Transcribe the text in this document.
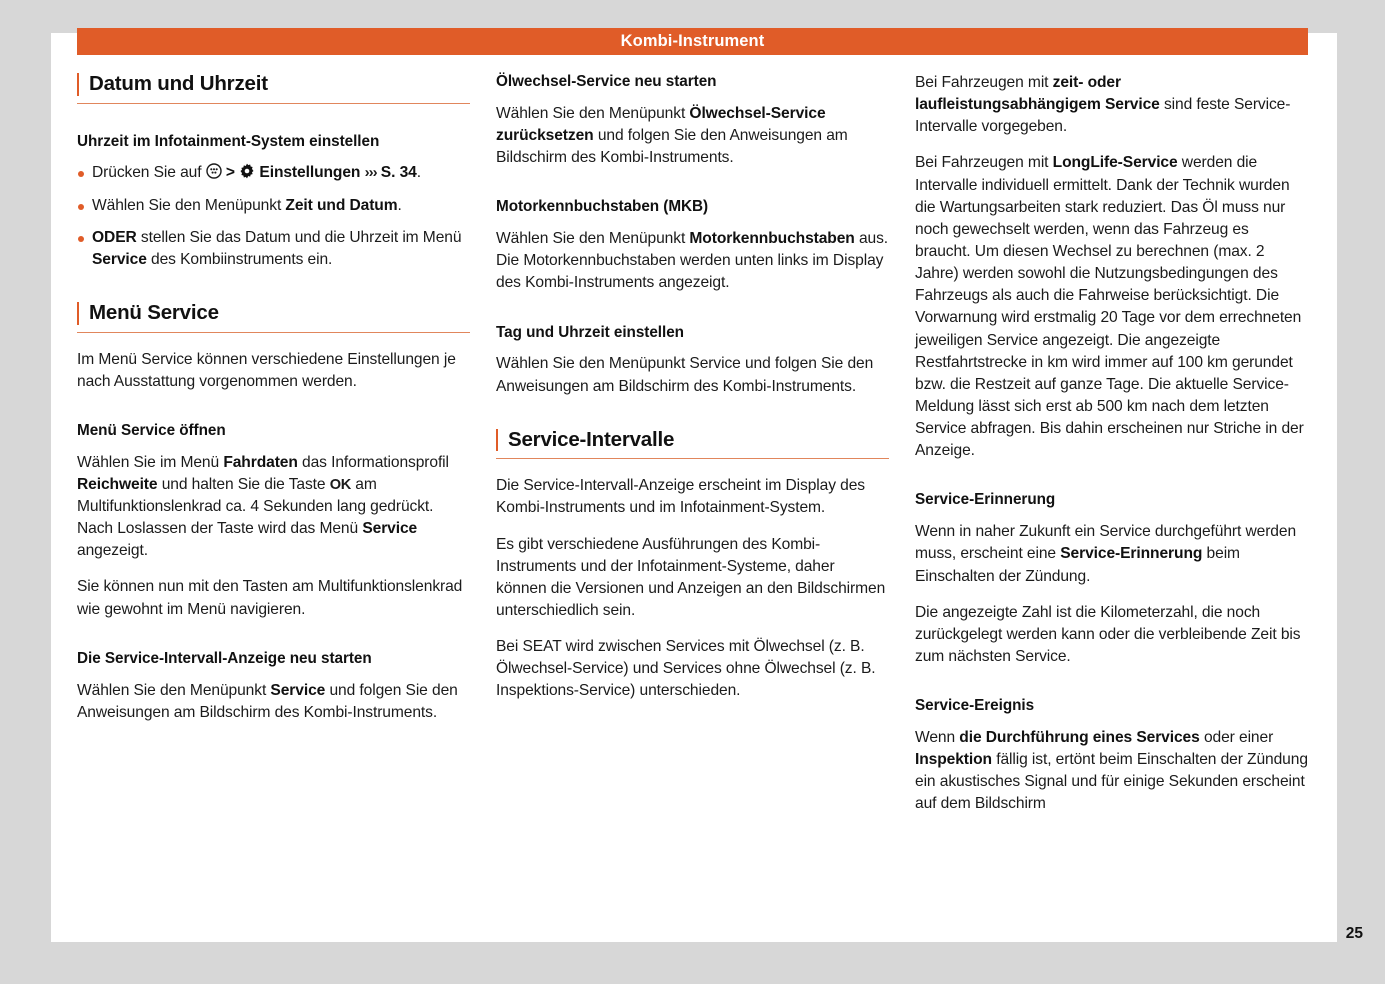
Kombi-Instrument
Datum und Uhrzeit
Uhrzeit im Infotainment-System einstellen
Drücken Sie auf
>
Einstellungen ››› S. 34.
Wählen Sie den Menüpunkt Zeit und Datum.
ODER stellen Sie das Datum und die Uhrzeit im Menü Service des Kombiinstruments ein.
Menü Service

Im Menü Service können verschiedene Einstellungen je nach Ausstattung vorgenommen werden.

Menü Service öffnen

Wählen Sie im Menü Fahrdaten das Informationsprofil Reichweite und halten Sie die Taste OK am Multifunktionslenkrad ca. 4 Sekunden lang gedrückt. Nach Loslassen der Taste wird das Menü Service angezeigt.

Sie können nun mit den Tasten am Multifunktionslenkrad wie gewohnt im Menü navigieren.

Die Service-Intervall-Anzeige neu starten

Wählen Sie den Menüpunkt Service und folgen Sie den Anweisungen am Bildschirm des Kombi-Instruments.

Ölwechsel-Service neu starten

Wählen Sie den Menüpunkt Ölwechsel-Service zurücksetzen und folgen Sie den Anweisungen am Bildschirm des Kombi-Instruments.

Motorkennbuchstaben (MKB)

Wählen Sie den Menüpunkt Motorkennbuchstaben aus. Die Motorkennbuchstaben werden unten links im Display des Kombi-Instruments angezeigt.

Tag und Uhrzeit einstellen

Wählen Sie den Menüpunkt Service und folgen Sie den Anweisungen am Bildschirm des Kombi-Instruments.

Service-Intervalle

Die Service-Intervall-Anzeige erscheint im Display des Kombi-Instruments und im Infotainment-System.

Es gibt verschiedene Ausführungen des Kombi-Instruments und der Infotainment-Systeme, daher können die Versionen und Anzeigen an den Bildschirmen unterschiedlich sein.

Bei SEAT wird zwischen Services mit Ölwechsel (z. B. Ölwechsel-Service) und Services ohne Ölwechsel (z. B. Inspektions-Service) unterschieden.

Bei Fahrzeugen mit zeit- oder laufleistungsabhängigem Service sind feste Service-Intervalle vorgegeben.

Bei Fahrzeugen mit LongLife-Service werden die Intervalle individuell ermittelt. Dank der Technik wurden die Wartungsarbeiten stark reduziert. Das Öl muss nur noch gewechselt werden, wenn das Fahrzeug es braucht. Um diesen Wechsel zu berechnen (max. 2 Jahre) werden sowohl die Nutzungsbedingungen des Fahrzeugs als auch die Fahrweise berücksichtigt. Die Vorwarnung wird erstmalig 20 Tage vor dem errechneten jeweiligen Service angezeigt. Die angezeigte Restfahrtstrecke in km wird immer auf 100 km gerundet bzw. die Restzeit auf ganze Tage. Die aktuelle Service-Meldung lässt sich erst ab 500 km nach dem letzten Service abfragen. Bis dahin erscheinen nur Striche in der Anzeige.

Service-Erinnerung

Wenn in naher Zukunft ein Service durchgeführt werden muss, erscheint eine Service-Erinnerung beim Einschalten der Zündung.

Die angezeigte Zahl ist die Kilometerzahl, die noch zurückgelegt werden kann oder die verbleibende Zeit bis zum nächsten Service.

Service-Ereignis

Wenn die Durchführung eines Services oder einer Inspektion fällig ist, ertönt beim Einschalten der Zündung ein akustisches Signal und für einige Sekunden erscheint auf dem Bildschirm

25
